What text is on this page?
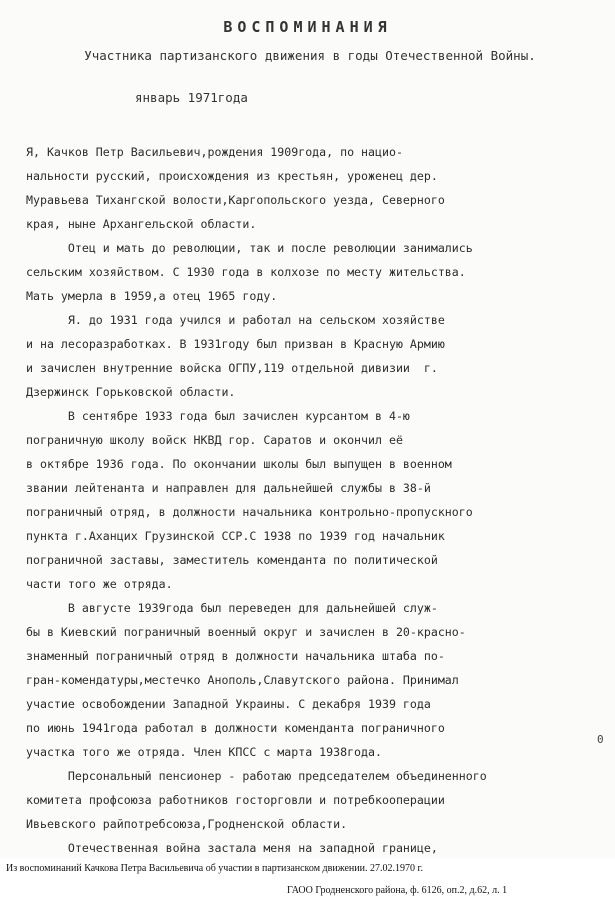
ВОСПОМИНАНИЯ
Участника партизанского движения в годы Отечественной Войны.
январь 1971года
Я, Качков Петр Васильевич,рождения 1909года, по нацио-
нальности русский, происхождения из крестьян, уроженец дер.
Муравьева Тихангской волости,Каргопольского уезда, Северного
края, ныне Архангельской области.
Отец и мать до революции, так и после революции занимались
сельским хозяйством. С 1930 года в колхозе по месту жительства.
Мать умерла в 1959,а отец 1965 году.
Я. до 1931 года учился и работал на сельском хозяйстве
и на лесоразработках. В 1931году был призван в Красную Армию
и зачислен внутренние войска ОГПУ,119 отдельной дивизии  г.
Дзержинск Горьковской области.
В сентябре 1933 года был зачислен курсантом в 4-ю
пограничную школу войск НКВД гор. Саратов и окончил её
в октябре 1936 года. По окончании школы был выпущен в военном
звании лейтенанта и направлен для дальнейшей службы в 38-й
пограничный отряд, в должности начальника контрольно-пропускного
пункта г.Аханцих Грузинской ССР.С 1938 по 1939 год начальник
пограничной заставы, заместитель коменданта по политической
части того же отряда.
В августе 1939года был переведен для дальнейшей служ-
бы в Киевский пограничный военный округ и зачислен в 20-красно-
знаменный пограничный отряд в должности начальника штаба по-
гран-комендатуры,местечко Анополь,Славутского района. Принимал
участие освобождении Западной Украины. С декабря 1939 года
по июнь 1941года работал в должности коменданта пограничного
участка того же отряда. Член КПСС с марта 1938года.
Персональный пенсионер - работаю председателем объединенного
комитета профсоюза работников госторговли и потребкооперации
Ивьевского райпотребсоюза,Гродненской области.
Отечественная война застала меня на западной границе,
0
Из воспоминаний Качкова Петра Васильевича об участии в партизанском движении. 27.02.1970 г.
ГАОО Гродненского района, ф. 6126, оп.2, д.62, л. 1
